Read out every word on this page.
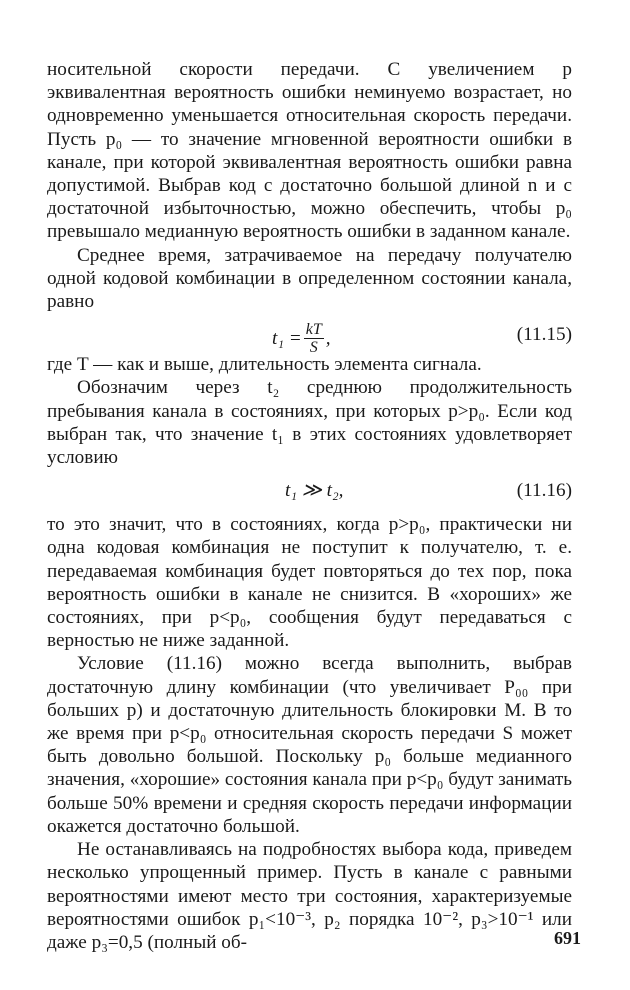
носительной скорости передачи. С увеличением p эквивалентная вероятность ошибки неминуемо возрастает, но одновременно уменьшается относительная скорость передачи. Пусть p₀ — то значение мгновенной вероятности ошибки в канале, при которой эквивалентная вероятность ошибки равна допустимой. Выбрав код с достаточно большой длиной n и с достаточной избыточностью, можно обеспечить, чтобы p₀ превышало медианную вероятность ошибки в заданном канале.

Среднее время, затрачиваемое на передачу получателю одной кодовой комбинации в определенном состоянии канала, равно

$t_1 = \frac{kT}{S}$ ,	(11.15)

где T — как и выше, длительность элемента сигнала.

Обозначим через t₂ среднюю продолжительность пребывания канала в состояниях, при которых p>p₀. Если код выбран так, что значение t₁ в этих состояниях удовлетворяет условию

t₁ ≫ t₂,	(11.16)

то это значит, что в состояниях, когда p>p₀, практически ни одна кодовая комбинация не поступит к получателю, т. е. передаваемая комбинация будет повторяться до тех пор, пока вероятность ошибки в канале не снизится. В «хороших» же состояниях, при p<p₀, сообщения будут передаваться с верностью не ниже заданной.

Условие (11.16) можно всегда выполнить, выбрав достаточную длину комбинации (что увеличивает P₀₀ при больших p) и достаточную длительность блокировки M. В то же время при p<p₀ относительная скорость передачи S может быть довольно большой. Поскольку p₀ больше медианного значения, «хорошие» состояния канала при p<p₀ будут занимать больше 50% времени и средняя скорость передачи информации окажется достаточно большой.

Не останавливаясь на подробностях выбора кода, приведем несколько упрощенный пример. Пусть в канале с равными вероятностями имеют место три состояния, характеризуемые вероятностями ошибок p₁<10⁻³, p₂ порядка 10⁻², p₃>10⁻¹ или даже p₃=0,5 (полный об-	691
